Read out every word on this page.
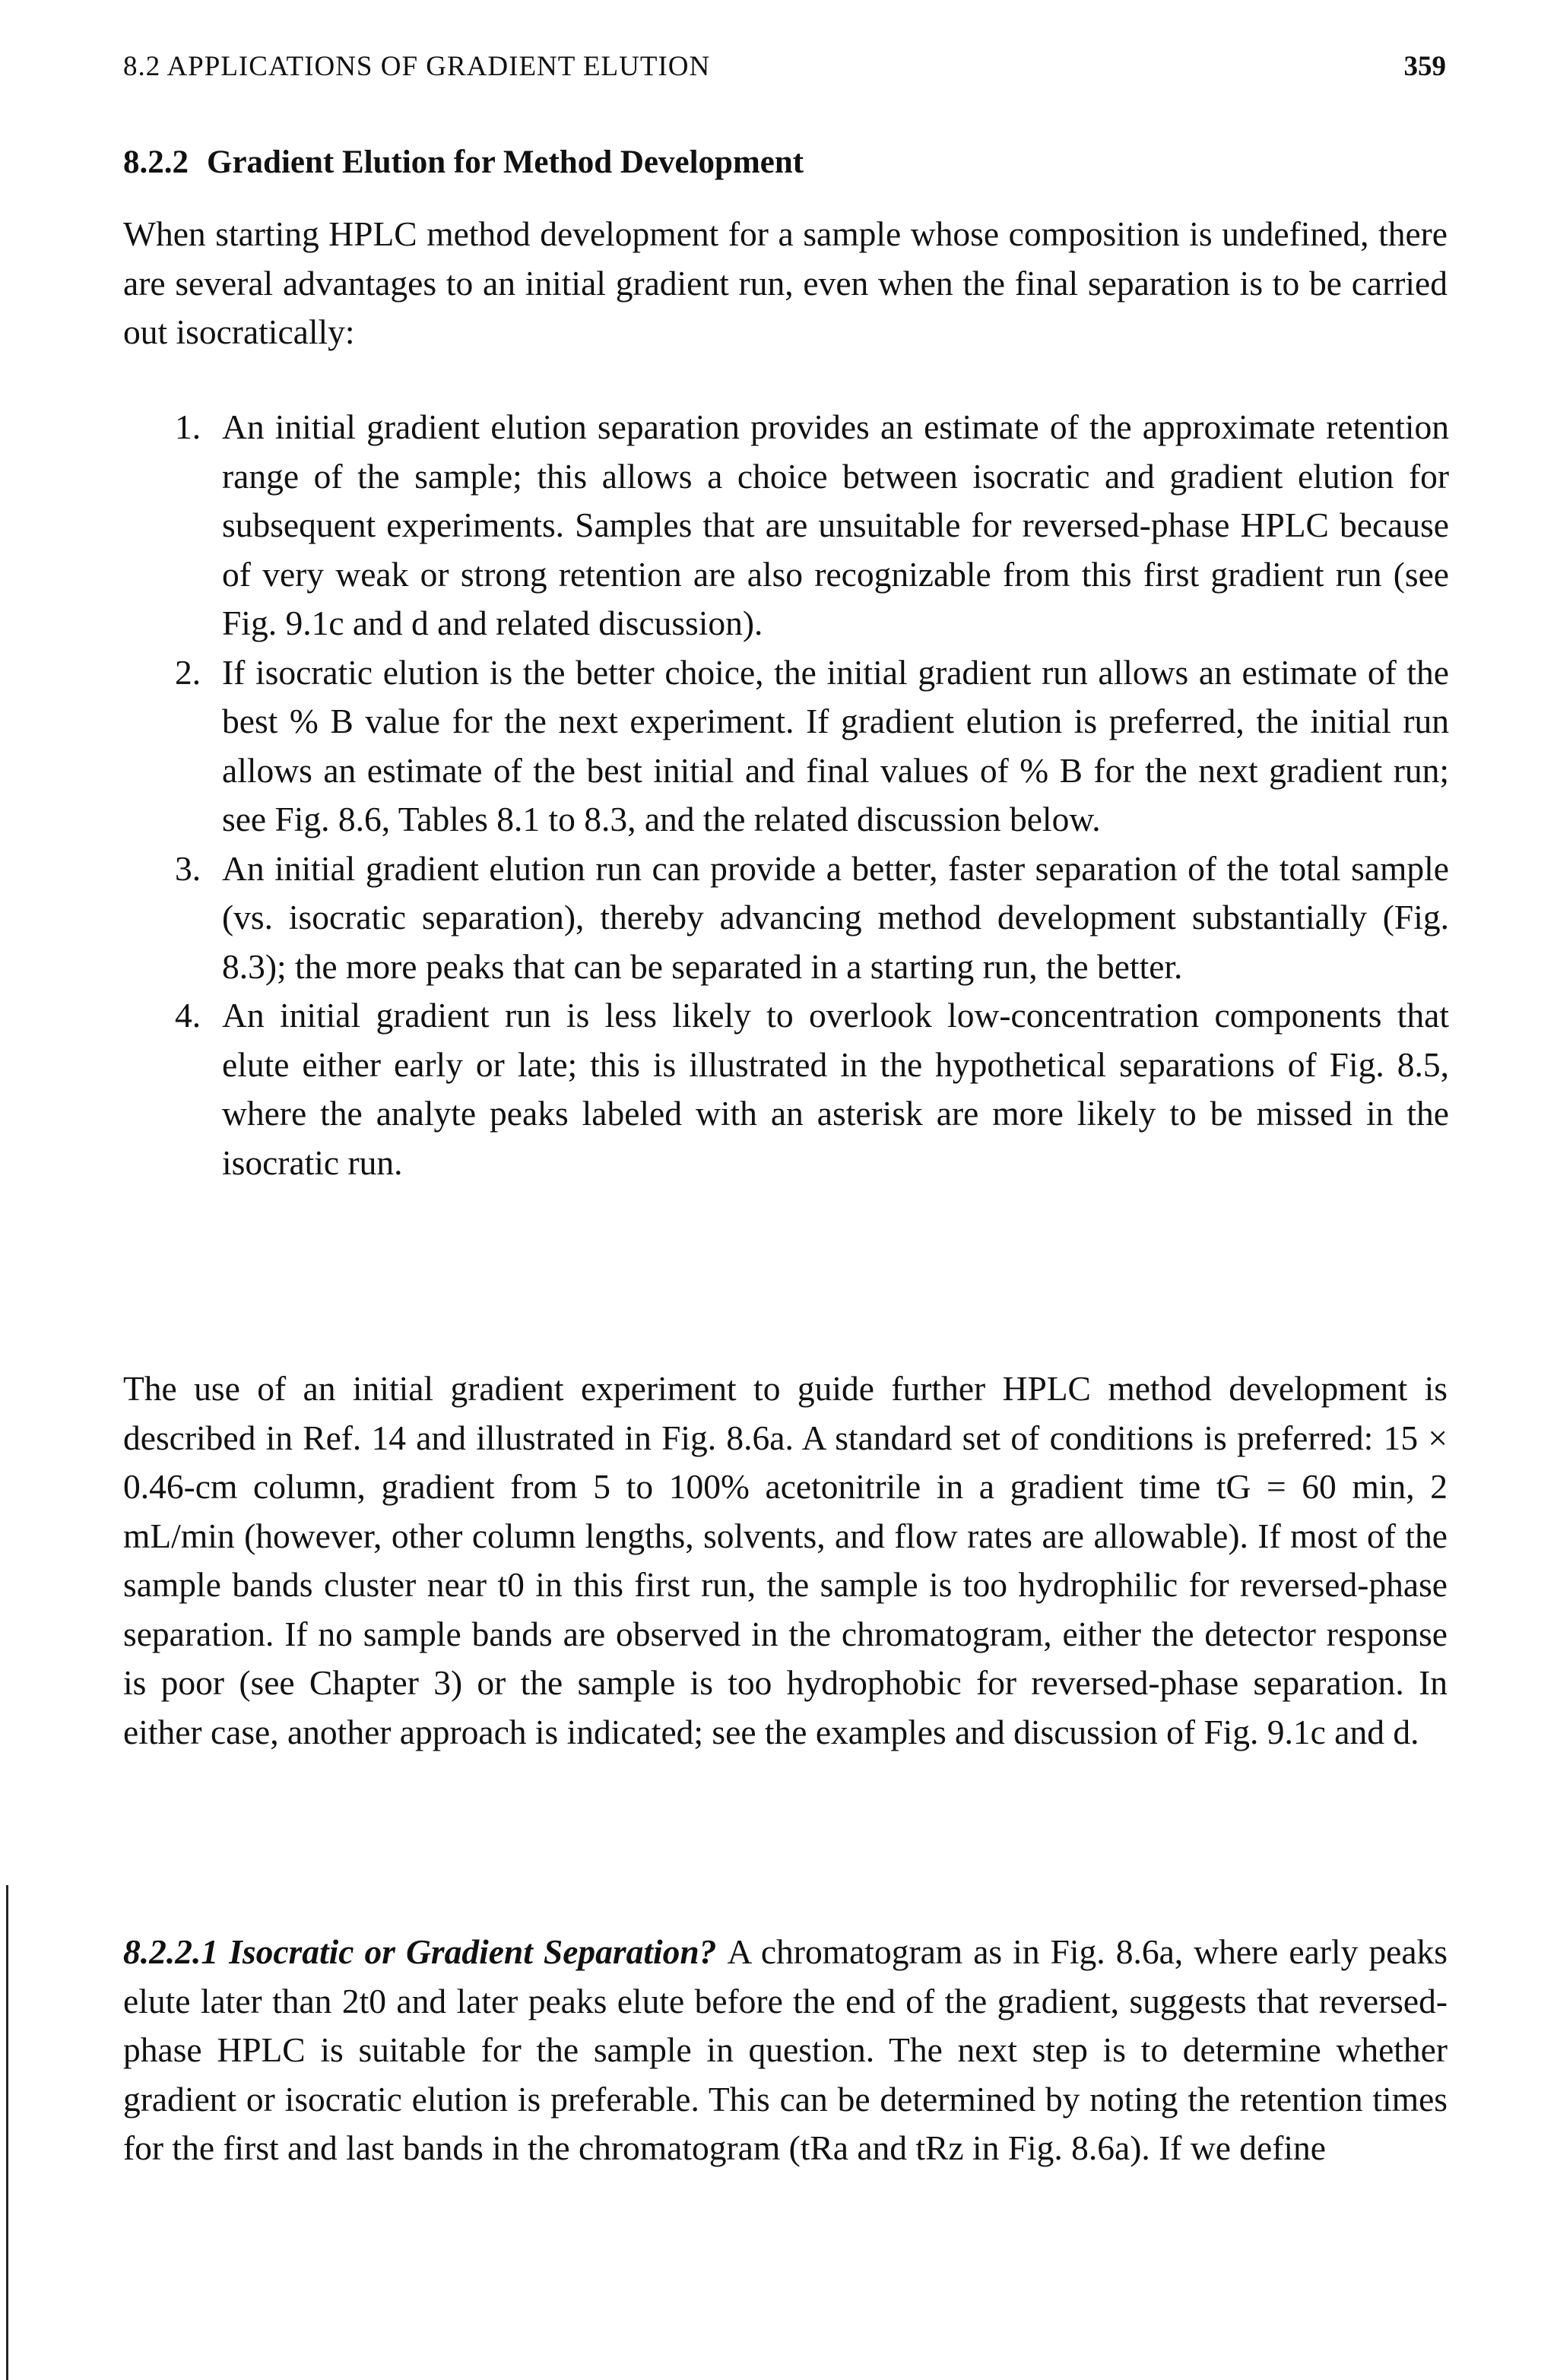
8.2 APPLICATIONS OF GRADIENT ELUTION	359
8.2.2 Gradient Elution for Method Development

When starting HPLC method development for a sample whose composition is undefined, there are several advantages to an initial gradient run, even when the final separation is to be carried out isocratically:

1. An initial gradient elution separation provides an estimate of the approximate retention range of the sample; this allows a choice between isocratic and gradient elution for subsequent experiments. Samples that are unsuitable for reversed-phase HPLC because of very weak or strong retention are also recognizable from this first gradient run (see Fig. 9.1c and d and related discussion).
2. If isocratic elution is the better choice, the initial gradient run allows an estimate of the best % B value for the next experiment. If gradient elution is preferred, the initial run allows an estimate of the best initial and final values of % B for the next gradient run; see Fig. 8.6, Tables 8.1 to 8.3, and the related discussion below.
3. An initial gradient elution run can provide a better, faster separation of the total sample (vs. isocratic separation), thereby advancing method development substantially (Fig. 8.3); the more peaks that can be separated in a starting run, the better.
4. An initial gradient run is less likely to overlook low-concentration components that elute either early or late; this is illustrated in the hypothetical separations of Fig. 8.5, where the analyte peaks labeled with an asterisk are more likely to be missed in the isocratic run.

The use of an initial gradient experiment to guide further HPLC method development is described in Ref. 14 and illustrated in Fig. 8.6a. A standard set of conditions is preferred: 15 × 0.46-cm column, gradient from 5 to 100% acetonitrile in a gradient time tG = 60 min, 2 mL/min (however, other column lengths, solvents, and flow rates are allowable). If most of the sample bands cluster near t0 in this first run, the sample is too hydrophilic for reversed-phase separation. If no sample bands are observed in the chromatogram, either the detector response is poor (see Chapter 3) or the sample is too hydrophobic for reversed-phase separation. In either case, another approach is indicated; see the examples and discussion of Fig. 9.1c and d.

8.2.2.1 Isocratic or Gradient Separation? A chromatogram as in Fig. 8.6a, where early peaks elute later than 2t0 and later peaks elute before the end of the gradient, suggests that reversed-phase HPLC is suitable for the sample in question. The next step is to determine whether gradient or isocratic elution is preferable. This can be determined by noting the retention times for the first and last bands in the chromatogram (tRa and tRz in Fig. 8.6a). If we define
